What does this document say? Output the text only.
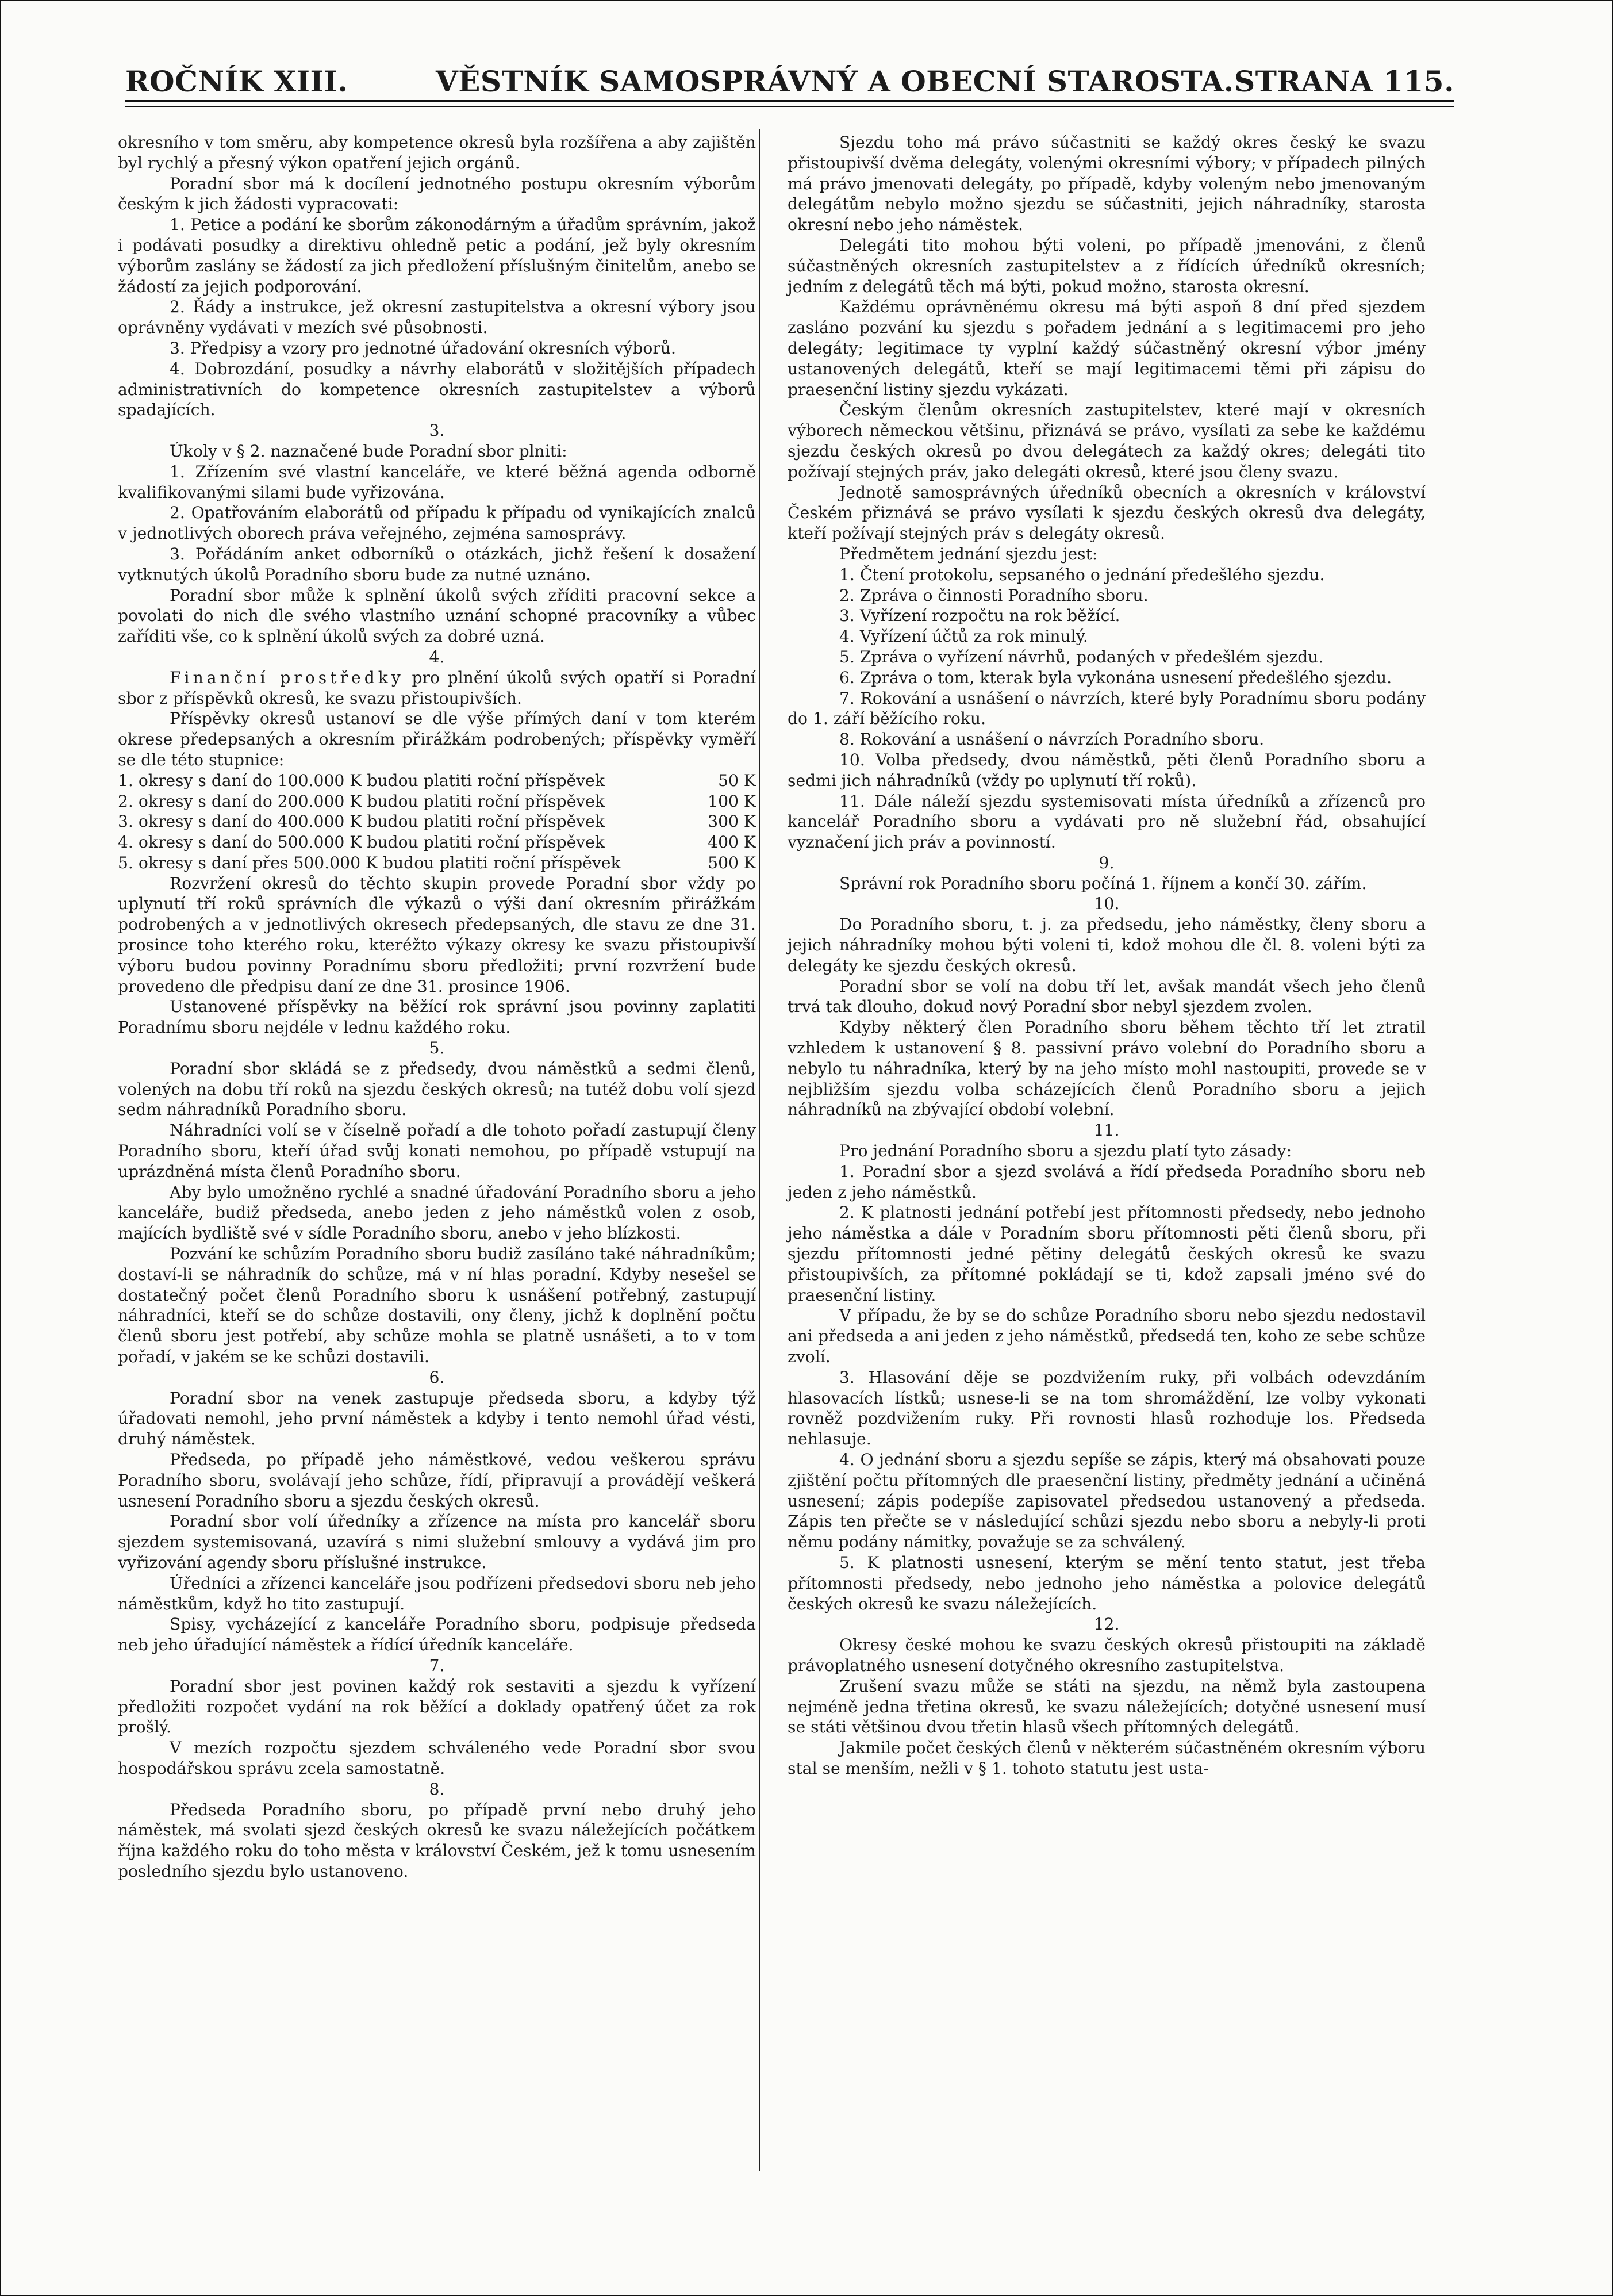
ROČNÍK XIII.	VĚSTNÍK SAMOSPRÁVNÝ A OBECNÍ STAROSTA. STRANA 115.

okresního v tom směru, aby kompetence okresů byla rozšířena a aby zajištěn byl rychlý a přesný výkon opatření jejich orgánů.

Poradní sbor má k docílení jednotného postupu okresním výborům českým k jich žádosti vypracovati:

1. Petice a podání ke sborům zákonodárným a úřadům správním, jakož i podávati posudky a direktivu ohledně petic a podání, jež byly okresním výborům zaslány se žádostí za jich předložení příslušným činitelům, anebo se žádostí za jejich podporování.

2. Řády a instrukce, jež okresní zastupitelstva a okresní výbory jsou oprávněny vydávati v mezích své působnosti.

3. Předpisy a vzory pro jednotné úřadování okresních výborů.

4. Dobrozdání, posudky a návrhy elaborátů v složitějších případech administrativních do kompetence okresních zastupitelstev a výborů spadajících.

3.

Úkoly v § 2. naznačené bude Poradní sbor plniti:

1. Zřízením své vlastní kanceláře, ve které běžná agenda odborně kvalifikovanými silami bude vyřizována.

2. Opatřováním elaborátů od případu k případu od vynikajících znalců v jednotlivých oborech práva veřejného, zejména samosprávy.

3. Pořádáním anket odborníků o otázkách, jichž řešení k dosažení vytknutých úkolů Poradního sboru bude za nutné uznáno.

Poradní sbor může k splnění úkolů svých zříditi pracovní sekce a povolati do nich dle svého vlastního uznání schopné pracovníky a vůbec zaříditi vše, co k splnění úkolů svých za dobré uzná.

4.

Finanční prostředky pro plnění úkolů svých opatří si Poradní sbor z příspěvků okresů, ke svazu přistoupivších.

Příspěvky okresů ustanoví se dle výše přímých daní v tom kterém okrese předepsaných a okresním přirážkám podrobených; příspěvky vyměří se dle této stupnice:

1. okresy s daní do 100.000 K budou platiti roční příspěvek	50 K

2. okresy s daní do 200.000 K budou platiti roční příspěvek	100 K

3. okresy s daní do 400.000 K budou platiti roční příspěvek	300 K

4. okresy s daní do 500.000 K budou platiti roční příspěvek	400 K

5. okresy s daní přes 500.000 K budou platiti roční příspěvek	500 K

Rozvržení okresů do těchto skupin provede Poradní sbor vždy po uplynutí tří roků správních dle výkazů o výši daní okresním přirážkám podrobených a v jednotlivých okresech předepsaných, dle stavu ze dne 31. prosince toho kterého roku, kteréžto výkazy okresy ke svazu přistoupivší výboru budou povinny Poradnímu sboru předložiti; první rozvržení bude provedeno dle předpisu daní ze dne 31. prosince 1906.

Ustanovené příspěvky na běžící rok správní jsou povinny zaplatiti Poradnímu sboru nejdéle v lednu každého roku.

5.

Poradní sbor skládá se z předsedy, dvou náměstků a sedmi členů, volených na dobu tří roků na sjezdu českých okresů; na tutéž dobu volí sjezd sedm náhradníků Poradního sboru.

Náhradníci volí se v číselně pořadí a dle tohoto pořadí zastupují členy Poradního sboru, kteří úřad svůj konati nemohou, po případě vstupují na uprázdněná místa členů Poradního sboru.

Aby bylo umožněno rychlé a snadné úřadování Poradního sboru a jeho kanceláře, budiž předseda, anebo jeden z jeho náměstků volen z osob, majících bydliště své v sídle Poradního sboru, anebo v jeho blízkosti.

Pozvání ke schůzím Poradního sboru budiž zasíláno také náhradníkům; dostaví-li se náhradník do schůze, má v ní hlas poradní. Kdyby nesešel se dostatečný počet členů Poradního sboru k usnášení potřebný, zastupují náhradníci, kteří se do schůze dostavili, ony členy, jichž k doplnění počtu členů sboru jest potřebí, aby schůze mohla se platně usnášeti, a to v tom pořadí, v jakém se ke schůzi dostavili.

6.

Poradní sbor na venek zastupuje předseda sboru, a kdyby týž úřadovati nemohl, jeho první náměstek a kdyby i tento nemohl úřad vésti, druhý náměstek.

Předseda, po případě jeho náměstkové, vedou veškerou správu Poradního sboru, svolávají jeho schůze, řídí, připravují a provádějí veškerá usnesení Poradního sboru a sjezdu českých okresů.

Poradní sbor volí úředníky a zřízence na místa pro kancelář sboru sjezdem systemisovaná, uzavírá s nimi služební smlouvy a vydává jim pro vyřizování agendy sboru příslušné instrukce.

Úředníci a zřízenci kanceláře jsou podřízeni předsedovi sboru neb jeho náměstkům, když ho tito zastupují.

Spisy, vycházející z kanceláře Poradního sboru, podpisuje předseda neb jeho úřadující náměstek a řídící úředník kanceláře.

7.

Poradní sbor jest povinen každý rok sestaviti a sjezdu k vyřízení předložiti rozpočet vydání na rok běžící a doklady opatřený účet za rok prošlý.

V mezích rozpočtu sjezdem schváleného vede Poradní sbor svou hospodářskou správu zcela samostatně.

8.

Předseda Poradního sboru, po případě první nebo druhý jeho náměstek, má svolati sjezd českých okresů ke svazu náležejících počátkem října každého roku do toho města v království Českém, jež k tomu usnesením posledního sjezdu bylo ustanoveno.

Sjezdu toho má právo súčastniti se každý okres český ke svazu přistoupivší dvěma delegáty, volenými okresními výbory; v případech pilných má právo jmenovati delegáty, po případě, kdyby voleným nebo jmenovaným delegátům nebylo možno sjezdu se súčastniti, jejich náhradníky, starosta okresní nebo jeho náměstek.

Delegáti tito mohou býti voleni, po případě jmenováni, z členů súčastněných okresních zastupitelstev a z řídících úředníků okresních; jedním z delegátů těch má býti, pokud možno, starosta okresní.

Každému oprávněnému okresu má býti aspoň 8 dní před sjezdem zasláno pozvání ku sjezdu s pořadem jednání a s legitimacemi pro jeho delegáty; legitimace ty vyplní každý súčastněný okresní výbor jmény ustanovených delegátů, kteří se mají legitimacemi těmi při zápisu do praesenční listiny sjezdu vykázati.

Českým členům okresních zastupitelstev, které mají v okresních výborech německou většinu, přiznává se právo, vysílati za sebe ke každému sjezdu českých okresů po dvou delegátech za každý okres; delegáti tito požívají stejných práv, jako delegáti okresů, které jsou členy svazu.

Jednotě samosprávných úředníků obecních a okresních v království Českém přiznává se právo vysílati k sjezdu českých okresů dva delegáty, kteří požívají stejných práv s delegáty okresů.

Předmětem jednání sjezdu jest:

1. Čtení protokolu, sepsaného o jednání předešlého sjezdu.

2. Zpráva o činnosti Poradního sboru.

3. Vyřízení rozpočtu na rok běžící.

4. Vyřízení účtů za rok minulý.

5. Zpráva o vyřízení návrhů, podaných v předešlém sjezdu.

6. Zpráva o tom, kterak byla vykonána usnesení předešlého sjezdu.

7. Rokování a usnášení o návrzích, které byly Poradnímu sboru podány do 1. září běžícího roku.

8. Rokování a usnášení o návrzích Poradního sboru.

10. Volba předsedy, dvou náměstků, pěti členů Poradního sboru a sedmi jich náhradníků (vždy po uplynutí tří roků).

11. Dále náleží sjezdu systemisovati místa úředníků a zřízenců pro kancelář Poradního sboru a vydávati pro ně služební řád, obsahující vyznačení jich práv a povinností.

9.

Správní rok Poradního sboru počíná 1. říjnem a končí 30. zářím.

10.

Do Poradního sboru, t. j. za předsedu, jeho náměstky, členy sboru a jejich náhradníky mohou býti voleni ti, kdož mohou dle čl. 8. voleni býti za delegáty ke sjezdu českých okresů.

Poradní sbor se volí na dobu tří let, avšak mandát všech jeho členů trvá tak dlouho, dokud nový Poradní sbor nebyl sjezdem zvolen.

Kdyby některý člen Poradního sboru během těchto tří let ztratil vzhledem k ustanovení § 8. passivní právo volební do Poradního sboru a nebylo tu náhradníka, který by na jeho místo mohl nastoupiti, provede se v nejbližším sjezdu volba scházejících členů Poradního sboru a jejich náhradníků na zbývající období volební.

11.

Pro jednání Poradního sboru a sjezdu platí tyto zásady:

1. Poradní sbor a sjezd svolává a řídí předseda Poradního sboru neb jeden z jeho náměstků.

2. K platnosti jednání potřebí jest přítomnosti předsedy, nebo jednoho jeho náměstka a dále v Poradním sboru přítomnosti pěti členů sboru, při sjezdu přítomnosti jedné pětiny delegátů českých okresů ke svazu přistoupivších, za přítomné pokládají se ti, kdož zapsali jméno své do praesenční listiny.

V případu, že by se do schůze Poradního sboru nebo sjezdu nedostavil ani předseda a ani jeden z jeho náměstků, předsedá ten, koho ze sebe schůze zvolí.

3. Hlasování děje se pozdvižením ruky, při volbách odevzdáním hlasovacích lístků; usnese-li se na tom shromáždění, lze volby vykonati rovněž pozdvižením ruky. Při rovnosti hlasů rozhoduje los. Předseda nehlasuje.

4. O jednání sboru a sjezdu sepíše se zápis, který má obsahovati pouze zjištění počtu přítomných dle praesenční listiny, předměty jednání a učiněná usnesení; zápis podepíše zapisovatel předsedou ustanovený a předseda. Zápis ten přečte se v následující schůzi sjezdu nebo sboru a nebyly-li proti němu podány námitky, považuje se za schválený.

5. K platnosti usnesení, kterým se mění tento statut, jest třeba přítomnosti předsedy, nebo jednoho jeho náměstka a polovice delegátů českých okresů ke svazu náležejících.

12.

Okresy české mohou ke svazu českých okresů přistoupiti na základě právoplatného usnesení dotyčného okresního zastupitelstva.

Zrušení svazu může se státi na sjezdu, na němž byla zastoupena nejméně jedna třetina okresů, ke svazu náležejících; dotyčné usnesení musí se státi většinou dvou třetin hlasů všech přítomných delegátů.

Jakmile počet českých členů v některém súčastněném okresním výboru stal se menším, nežli v § 1. tohoto statutu jest usta-
